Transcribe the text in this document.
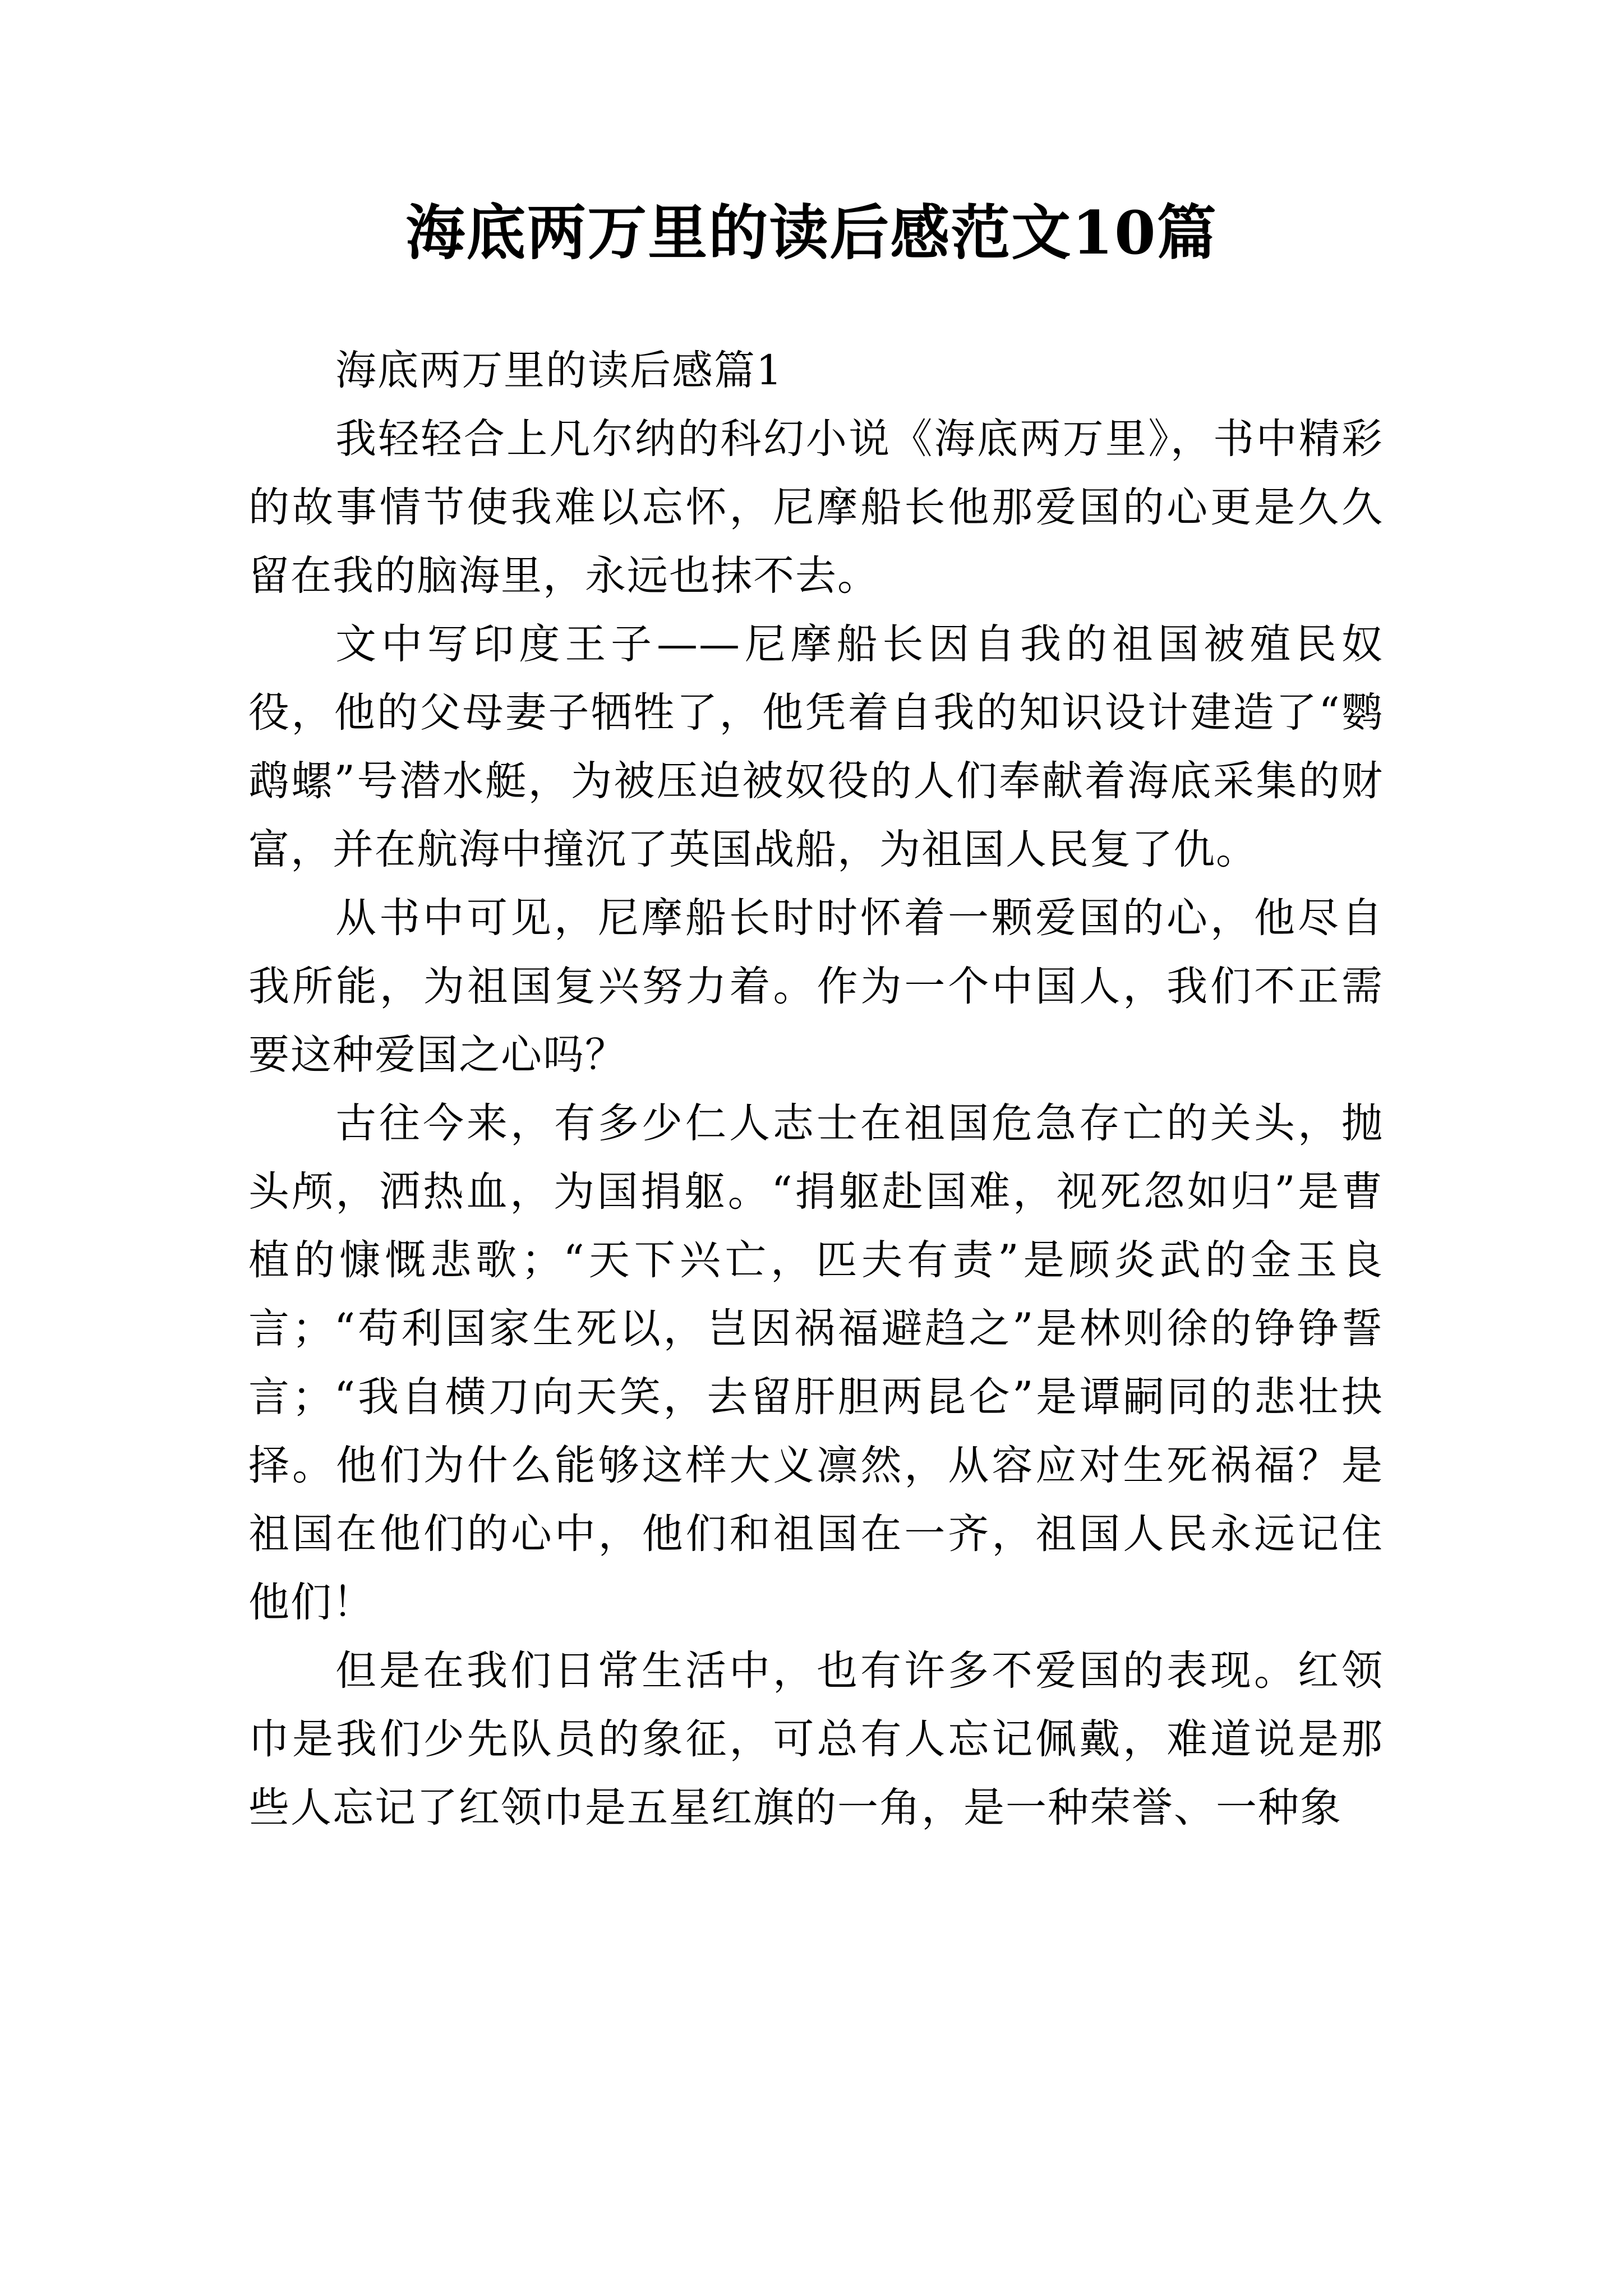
海底两万里的读后感范文10篇

海底两万里的读后感篇1

我轻轻合上凡尔纳的科幻小说《海底两万里》，书中精彩的故事情节使我难以忘怀，尼摩船长他那爱国的心更是久久留在我的脑海里，永远也抹不去。

文中写印度王子——尼摩船长因自我的祖国被殖民奴役，他的父母妻子牺牲了，他凭着自我的知识设计建造了“鹦鹉螺”号潜水艇，为被压迫被奴役的人们奉献着海底采集的财富，并在航海中撞沉了英国战船，为祖国人民复了仇。

从书中可见，尼摩船长时时怀着一颗爱国的心，他尽自我所能，为祖国复兴努力着。作为一个中国人，我们不正需要这种爱国之心吗？

古往今来，有多少仁人志士在祖国危急存亡的关头，抛头颅，洒热血，为国捐躯。“捐躯赴国难，视死忽如归”是曹植的慷慨悲歌；“天下兴亡，匹夫有责”是顾炎武的金玉良言；“苟利国家生死以，岂因祸福避趋之”是林则徐的铮铮誓言；“我自横刀向天笑，去留肝胆两昆仑”是谭嗣同的悲壮抉择。他们为什么能够这样大义凛然，从容应对生死祸福？是祖国在他们的心中，他们和祖国在一齐，祖国人民永远记住他们！

但是在我们日常生活中，也有许多不爱国的表现。红领巾是我们少先队员的象征，可总有人忘记佩戴，难道说是那些人忘记了红领巾是五星红旗的一角，是一种荣誉、一种象
